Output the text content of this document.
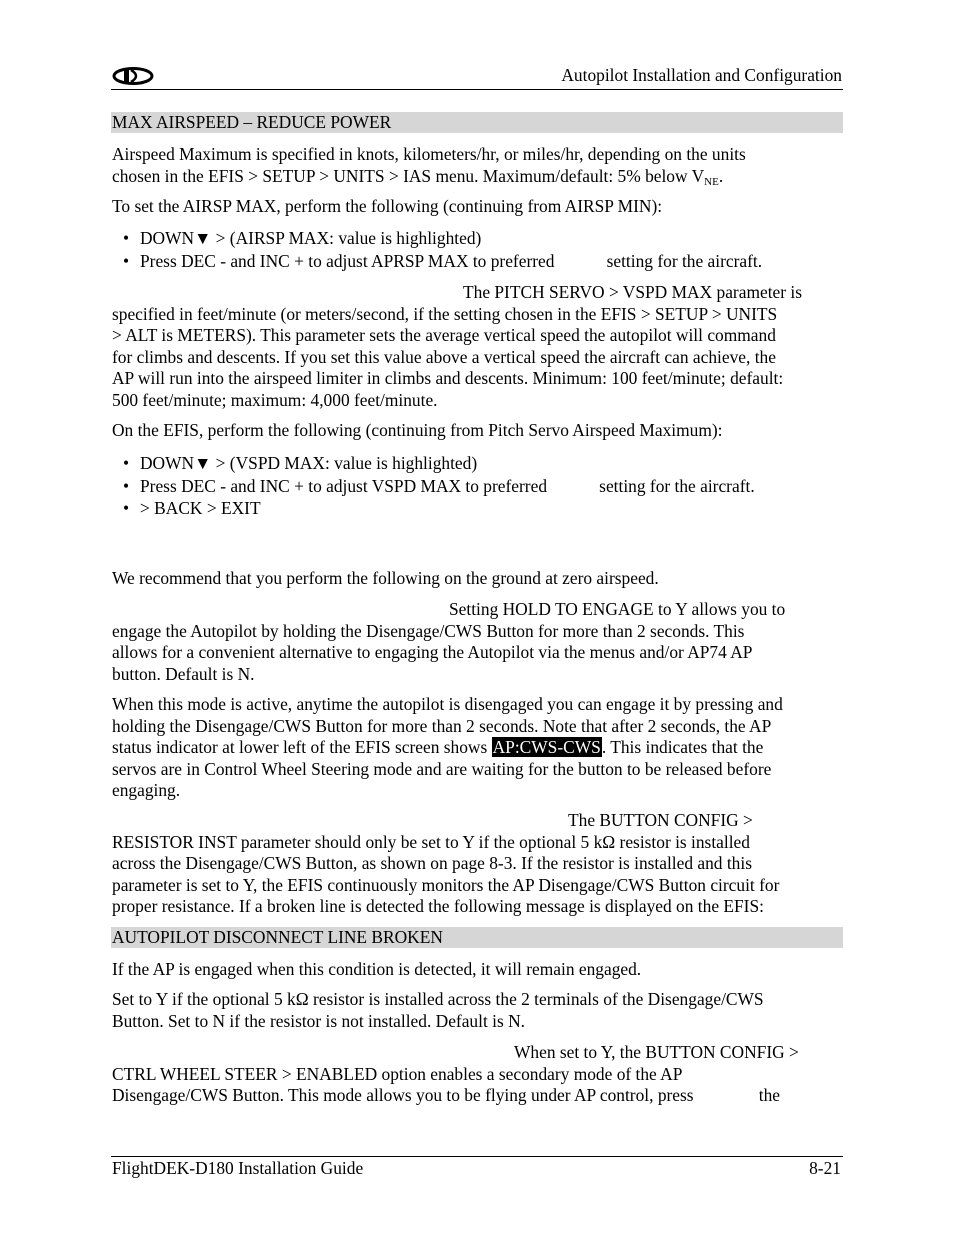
Autopilot Installation and Configuration
MAX AIRSPEED – REDUCE POWER
Airspeed Maximum is specified in knots, kilometers/hr, or miles/hr, depending on the units
chosen in the EFIS > SETUP > UNITS > IAS menu. Maximum/default: 5% below $V_{NE}$.
To set the AIRSP MAX, perform the following (continuing from AIRSP MIN):
• DOWN▼ > (AIRSP MAX: value is highlighted)
• Press DEC - and INC + to adjust APRSP MAX to preferred            setting for the aircraft.
The PITCH SERVO > VSPD MAX parameter is
specified in feet/minute (or meters/second, if the setting chosen in the EFIS > SETUP > UNITS
> ALT is METERS). This parameter sets the average vertical speed the autopilot will command
for climbs and descents. If you set this value above a vertical speed the aircraft can achieve, the
AP will run into the airspeed limiter in climbs and descents. Minimum: 100 feet/minute; default:
500 feet/minute; maximum: 4,000 feet/minute.
On the EFIS, perform the following (continuing from Pitch Servo Airspeed Maximum):
• DOWN▼ > (VSPD MAX: value is highlighted)
• Press DEC - and INC + to adjust VSPD MAX to preferred            setting for the aircraft.
• > BACK > EXIT
We recommend that you perform the following on the ground at zero airspeed.
Setting HOLD TO ENGAGE to Y allows you to
engage the Autopilot by holding the Disengage/CWS Button for more than 2 seconds. This
allows for a convenient alternative to engaging the Autopilot via the menus and/or AP74 AP
button. Default is N.
When this mode is active, anytime the autopilot is disengaged you can engage it by pressing and
holding the Disengage/CWS Button for more than 2 seconds. Note that after 2 seconds, the AP
status indicator at lower left of the EFIS screen shows AP:CWS-CWS. This indicates that the
servos are in Control Wheel Steering mode and are waiting for the button to be released before
engaging.
The BUTTON CONFIG >
RESISTOR INST parameter should only be set to Y if the optional 5 kΩ resistor is installed
across the Disengage/CWS Button, as shown on page 8-3. If the resistor is installed and this
parameter is set to Y, the EFIS continuously monitors the AP Disengage/CWS Button circuit for
proper resistance. If a broken line is detected the following message is displayed on the EFIS:
AUTOPILOT DISCONNECT LINE BROKEN
If the AP is engaged when this condition is detected, it will remain engaged.
Set to Y if the optional 5 kΩ resistor is installed across the 2 terminals of the Disengage/CWS
Button. Set to N if the resistor is not installed. Default is N.
When set to Y, the BUTTON CONFIG >
CTRL WHEEL STEER > ENABLED option enables a secondary mode of the AP
Disengage/CWS Button. This mode allows you to be flying under AP control, press               the
FlightDEK-D180 Installation Guide	8-21
